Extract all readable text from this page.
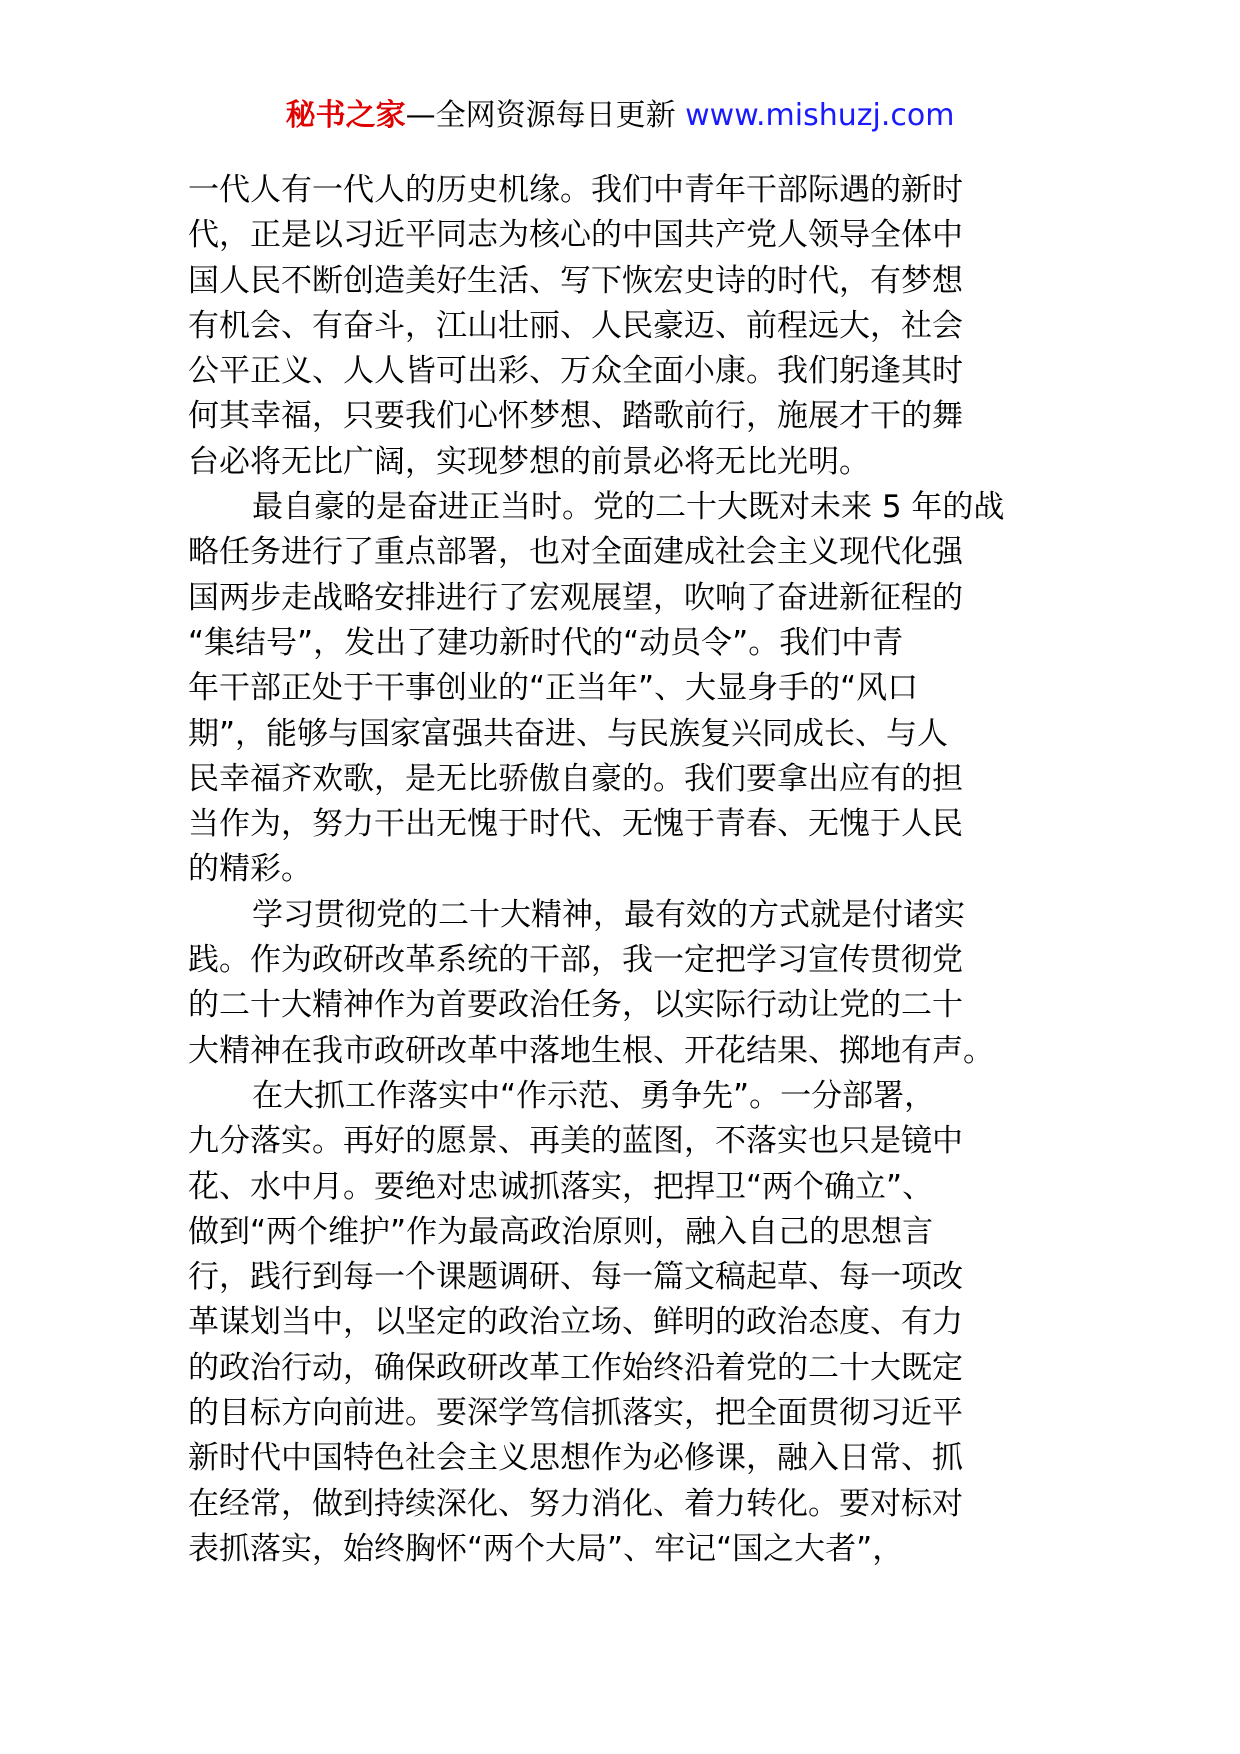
秘书之家—全网资源每日更新 www.mishuzj.com
一代人有一代人的历史机缘。我们中青年干部际遇的新时
代，正是以习近平同志为核心的中国共产党人领导全体中
国人民不断创造美好生活、写下恢宏史诗的时代，有梦想
有机会、有奋斗，江山壮丽、人民豪迈、前程远大，社会
公平正义、人人皆可出彩、万众全面小康。我们躬逢其时
何其幸福，只要我们心怀梦想、踏歌前行，施展才干的舞
台必将无比广阔，实现梦想的前景必将无比光明。
最自豪的是奋进正当时。党的二十大既对未来 5 年的战
略任务进行了重点部署，也对全面建成社会主义现代化强
国两步走战略安排进行了宏观展望，吹响了奋进新征程的
“集结号”，发出了建功新时代的“动员令”。我们中青
年干部正处于干事创业的“正当年”、大显身手的“风口
期”，能够与国家富强共奋进、与民族复兴同成长、与人
民幸福齐欢歌，是无比骄傲自豪的。我们要拿出应有的担
当作为，努力干出无愧于时代、无愧于青春、无愧于人民
的精彩。
学习贯彻党的二十大精神，最有效的方式就是付诸实
践。作为政研改革系统的干部，我一定把学习宣传贯彻党
的二十大精神作为首要政治任务，以实际行动让党的二十
大精神在我市政研改革中落地生根、开花结果、掷地有声。
在大抓工作落实中“作示范、勇争先”。一分部署，
九分落实。再好的愿景、再美的蓝图，不落实也只是镜中
花、水中月。要绝对忠诚抓落实，把捍卫“两个确立”、
做到“两个维护”作为最高政治原则，融入自己的思想言
行，践行到每一个课题调研、每一篇文稿起草、每一项改
革谋划当中，以坚定的政治立场、鲜明的政治态度、有力
的政治行动，确保政研改革工作始终沿着党的二十大既定
的目标方向前进。要深学笃信抓落实，把全面贯彻习近平
新时代中国特色社会主义思想作为必修课，融入日常、抓
在经常，做到持续深化、努力消化、着力转化。要对标对
表抓落实，始终胸怀“两个大局”、牢记“国之大者”，
